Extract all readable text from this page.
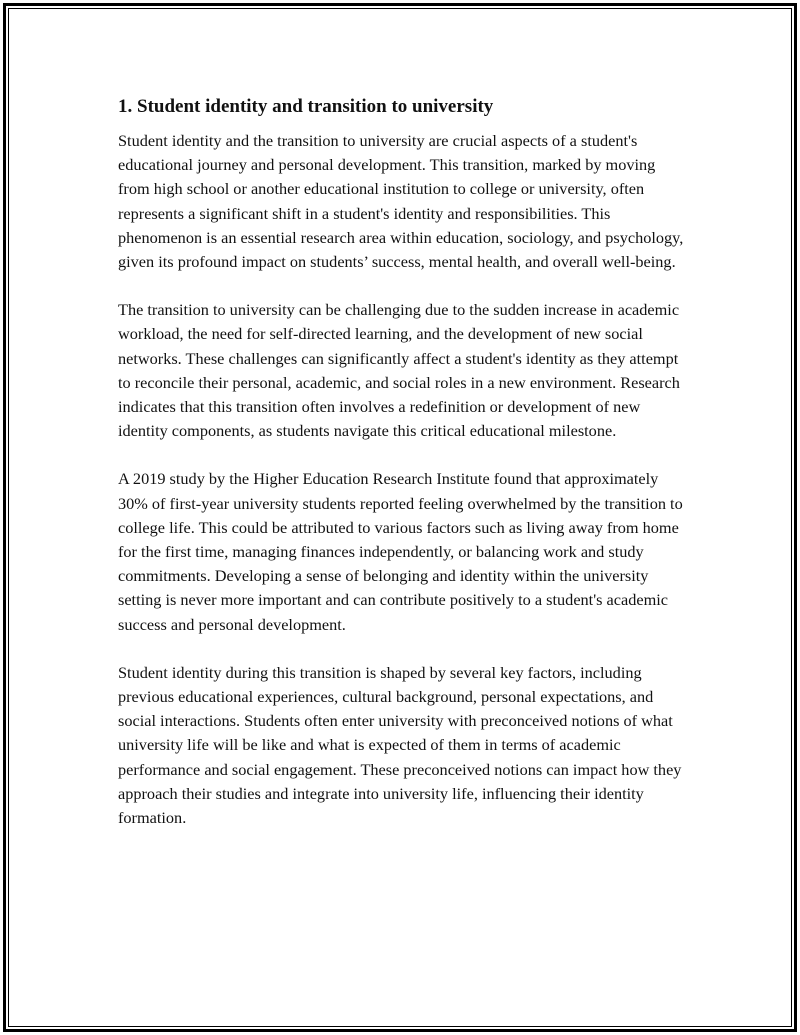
1. Student identity and transition to university

Student identity and the transition to university are crucial aspects of a student's educational journey and personal development. This transition, marked by moving from high school or another educational institution to college or university, often represents a significant shift in a student's identity and responsibilities. This phenomenon is an essential research area within education, sociology, and psychology, given its profound impact on students’ success, mental health, and overall well-being.

The transition to university can be challenging due to the sudden increase in academic workload, the need for self-directed learning, and the development of new social networks. These challenges can significantly affect a student's identity as they attempt to reconcile their personal, academic, and social roles in a new environment. Research indicates that this transition often involves a redefinition or development of new identity components, as students navigate this critical educational milestone.

A 2019 study by the Higher Education Research Institute found that approximately 30% of first-year university students reported feeling overwhelmed by the transition to college life. This could be attributed to various factors such as living away from home for the first time, managing finances independently, or balancing work and study commitments. Developing a sense of belonging and identity within the university setting is never more important and can contribute positively to a student's academic success and personal development.

Student identity during this transition is shaped by several key factors, including previous educational experiences, cultural background, personal expectations, and social interactions. Students often enter university with preconceived notions of what university life will be like and what is expected of them in terms of academic performance and social engagement. These preconceived notions can impact how they approach their studies and integrate into university life, influencing their identity formation.
